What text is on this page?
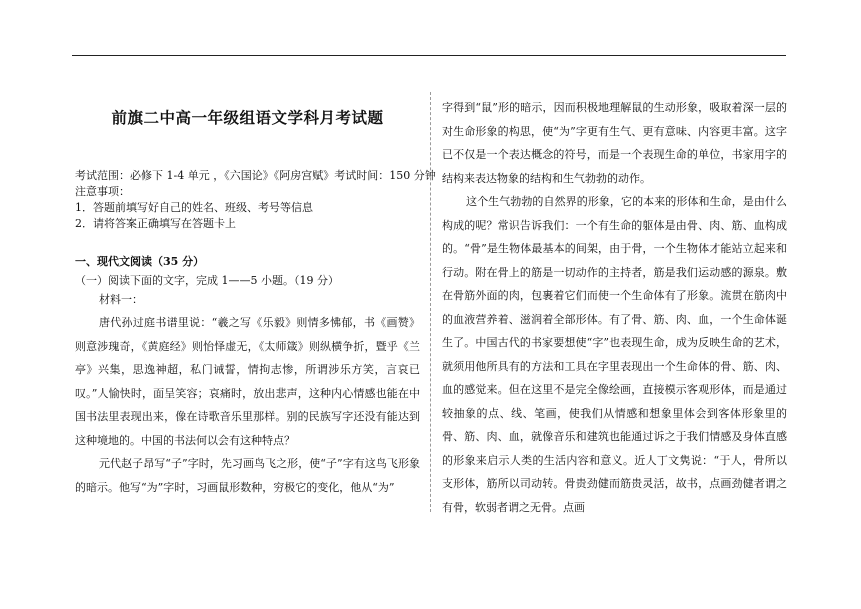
前旗二中高一年级组语文学科月考试题
考试范围：必修下 1-4 单元 ，《六国论》《阿房宫赋》考试时间：150 分钟
注意事项：
1．答题前填写好自己的姓名、班级、考号等信息
2．请将答案正确填写在答题卡上
一、现代文阅读（35 分）
（一）阅读下面的文字，完成 1——5 小题。（19 分）
材料一：

唐代孙过庭书谱里说：“羲之写《乐毅》则情多怫郁，书《画赞》则意涉瑰奇，《黄庭经》则怡怿虚无，《太师箴》则纵横争折，暨乎《兰亭》兴集，思逸神超，私门诫誓，情拘志惨，所谓涉乐方笑，言哀已叹。”人愉快时，面呈笑容；哀痛时，放出悲声，这种内心情感也能在中国书法里表现出来，像在诗歌音乐里那样。别的民族写字还没有能达到这种境地的。中国的书法何以会有这种特点？

元代赵子昂写“子”字时，先习画鸟飞之形，使“子”字有这鸟飞形象的暗示。他写“为”字时，习画鼠形数种，穷极它的变化，他从“为”

字得到“鼠”形的暗示，因而积极地理解鼠的生动形象，吸取着深一层的对生命形象的构思，使“为”字更有生气、更有意味、内容更丰富。这字已不仅是一个表达概念的符号，而是一个表现生命的单位，书家用字的结构来表达物象的结构和生气勃勃的动作。

这个生气勃勃的自然界的形象，它的本来的形体和生命，是由什么构成的呢？常识告诉我们：一个有生命的躯体是由骨、肉、筋、血构成的。“骨”是生物体最基本的间架，由于骨，一个生物体才能站立起来和行动。附在骨上的筋是一切动作的主持者，筋是我们运动感的源泉。敷在骨筋外面的肉，包裹着它们而使一个生命体有了形象。流贯在筋肉中的血液营养着、滋润着全部形体。有了骨、筋、肉、血，一个生命体诞生了。中国古代的书家要想使“字”也表现生命，成为反映生命的艺术，就须用他所具有的方法和工具在字里表现出一个生命体的骨、筋、肉、血的感觉来。但在这里不是完全像绘画，直接模示客观形体，而是通过较抽象的点、线、笔画，使我们从情感和想象里体会到客体形象里的骨、筋、肉、血，就像音乐和建筑也能通过诉之于我们情感及身体直感的形象来启示人类的生活内容和意义。近人丁文隽说：“于人，骨所以支形体，筋所以司动转。骨贵劲健而筋贵灵活，故书，点画劲健者谓之有骨，软弱者谓之无骨。点画
